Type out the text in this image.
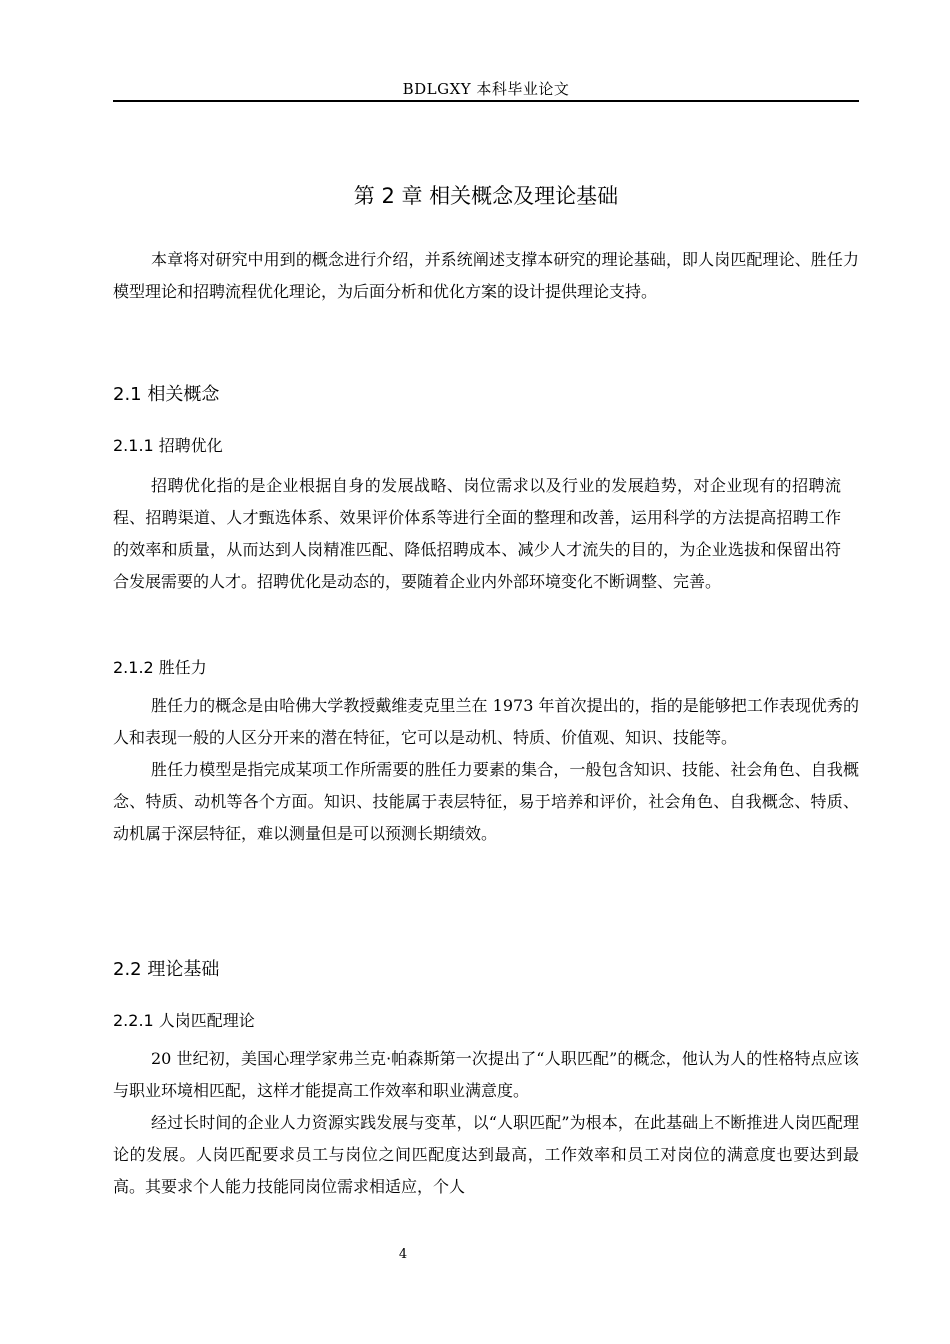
BDLGXY 本科毕业论文
第 2 章 相关概念及理论基础

本章将对研究中用到的概念进行介绍，并系统阐述支撑本研究的理论基础，即人岗匹配理论、胜任力模型理论和招聘流程优化理论，为后面分析和优化方案的设计提供理论支持。

2.1 相关概念
2.1.1 招聘优化

招聘优化指的是企业根据自身的发展战略、岗位需求以及行业的发展趋势，对企业现有的招聘流程、招聘渠道、人才甄选体系、效果评价体系等进行全面的整理和改善，运用科学的方法提高招聘工作的效率和质量，从而达到人岗精准匹配、降低招聘成本、减少人才流失的目的，为企业选拔和保留出符合发展需要的人才。招聘优化是动态的，要随着企业内外部环境变化不断调整、完善。

2.1.2 胜任力

胜任力的概念是由哈佛大学教授戴维麦克里兰在 1973 年首次提出的，指的是能够把工作表现优秀的人和表现一般的人区分开来的潜在特征，它可以是动机、特质、价值观、知识、技能等。

胜任力模型是指完成某项工作所需要的胜任力要素的集合，一般包含知识、技能、社会角色、自我概念、特质、动机等各个方面。知识、技能属于表层特征，易于培养和评价，社会角色、自我概念、特质、动机属于深层特征，难以测量但是可以预测长期绩效。

2.2 理论基础
2.2.1 人岗匹配理论

20 世纪初，美国心理学家弗兰克·帕森斯第一次提出了“人职匹配”的概念，他认为人的性格特点应该与职业环境相匹配，这样才能提高工作效率和职业满意度。

经过长时间的企业人力资源实践发展与变革，以“人职匹配”为根本，在此基础上不断推进人岗匹配理论的发展。人岗匹配要求员工与岗位之间匹配度达到最高，工作效率和员工对岗位的满意度也要达到最高。其要求个人能力技能同岗位需求相适应，个人

4
